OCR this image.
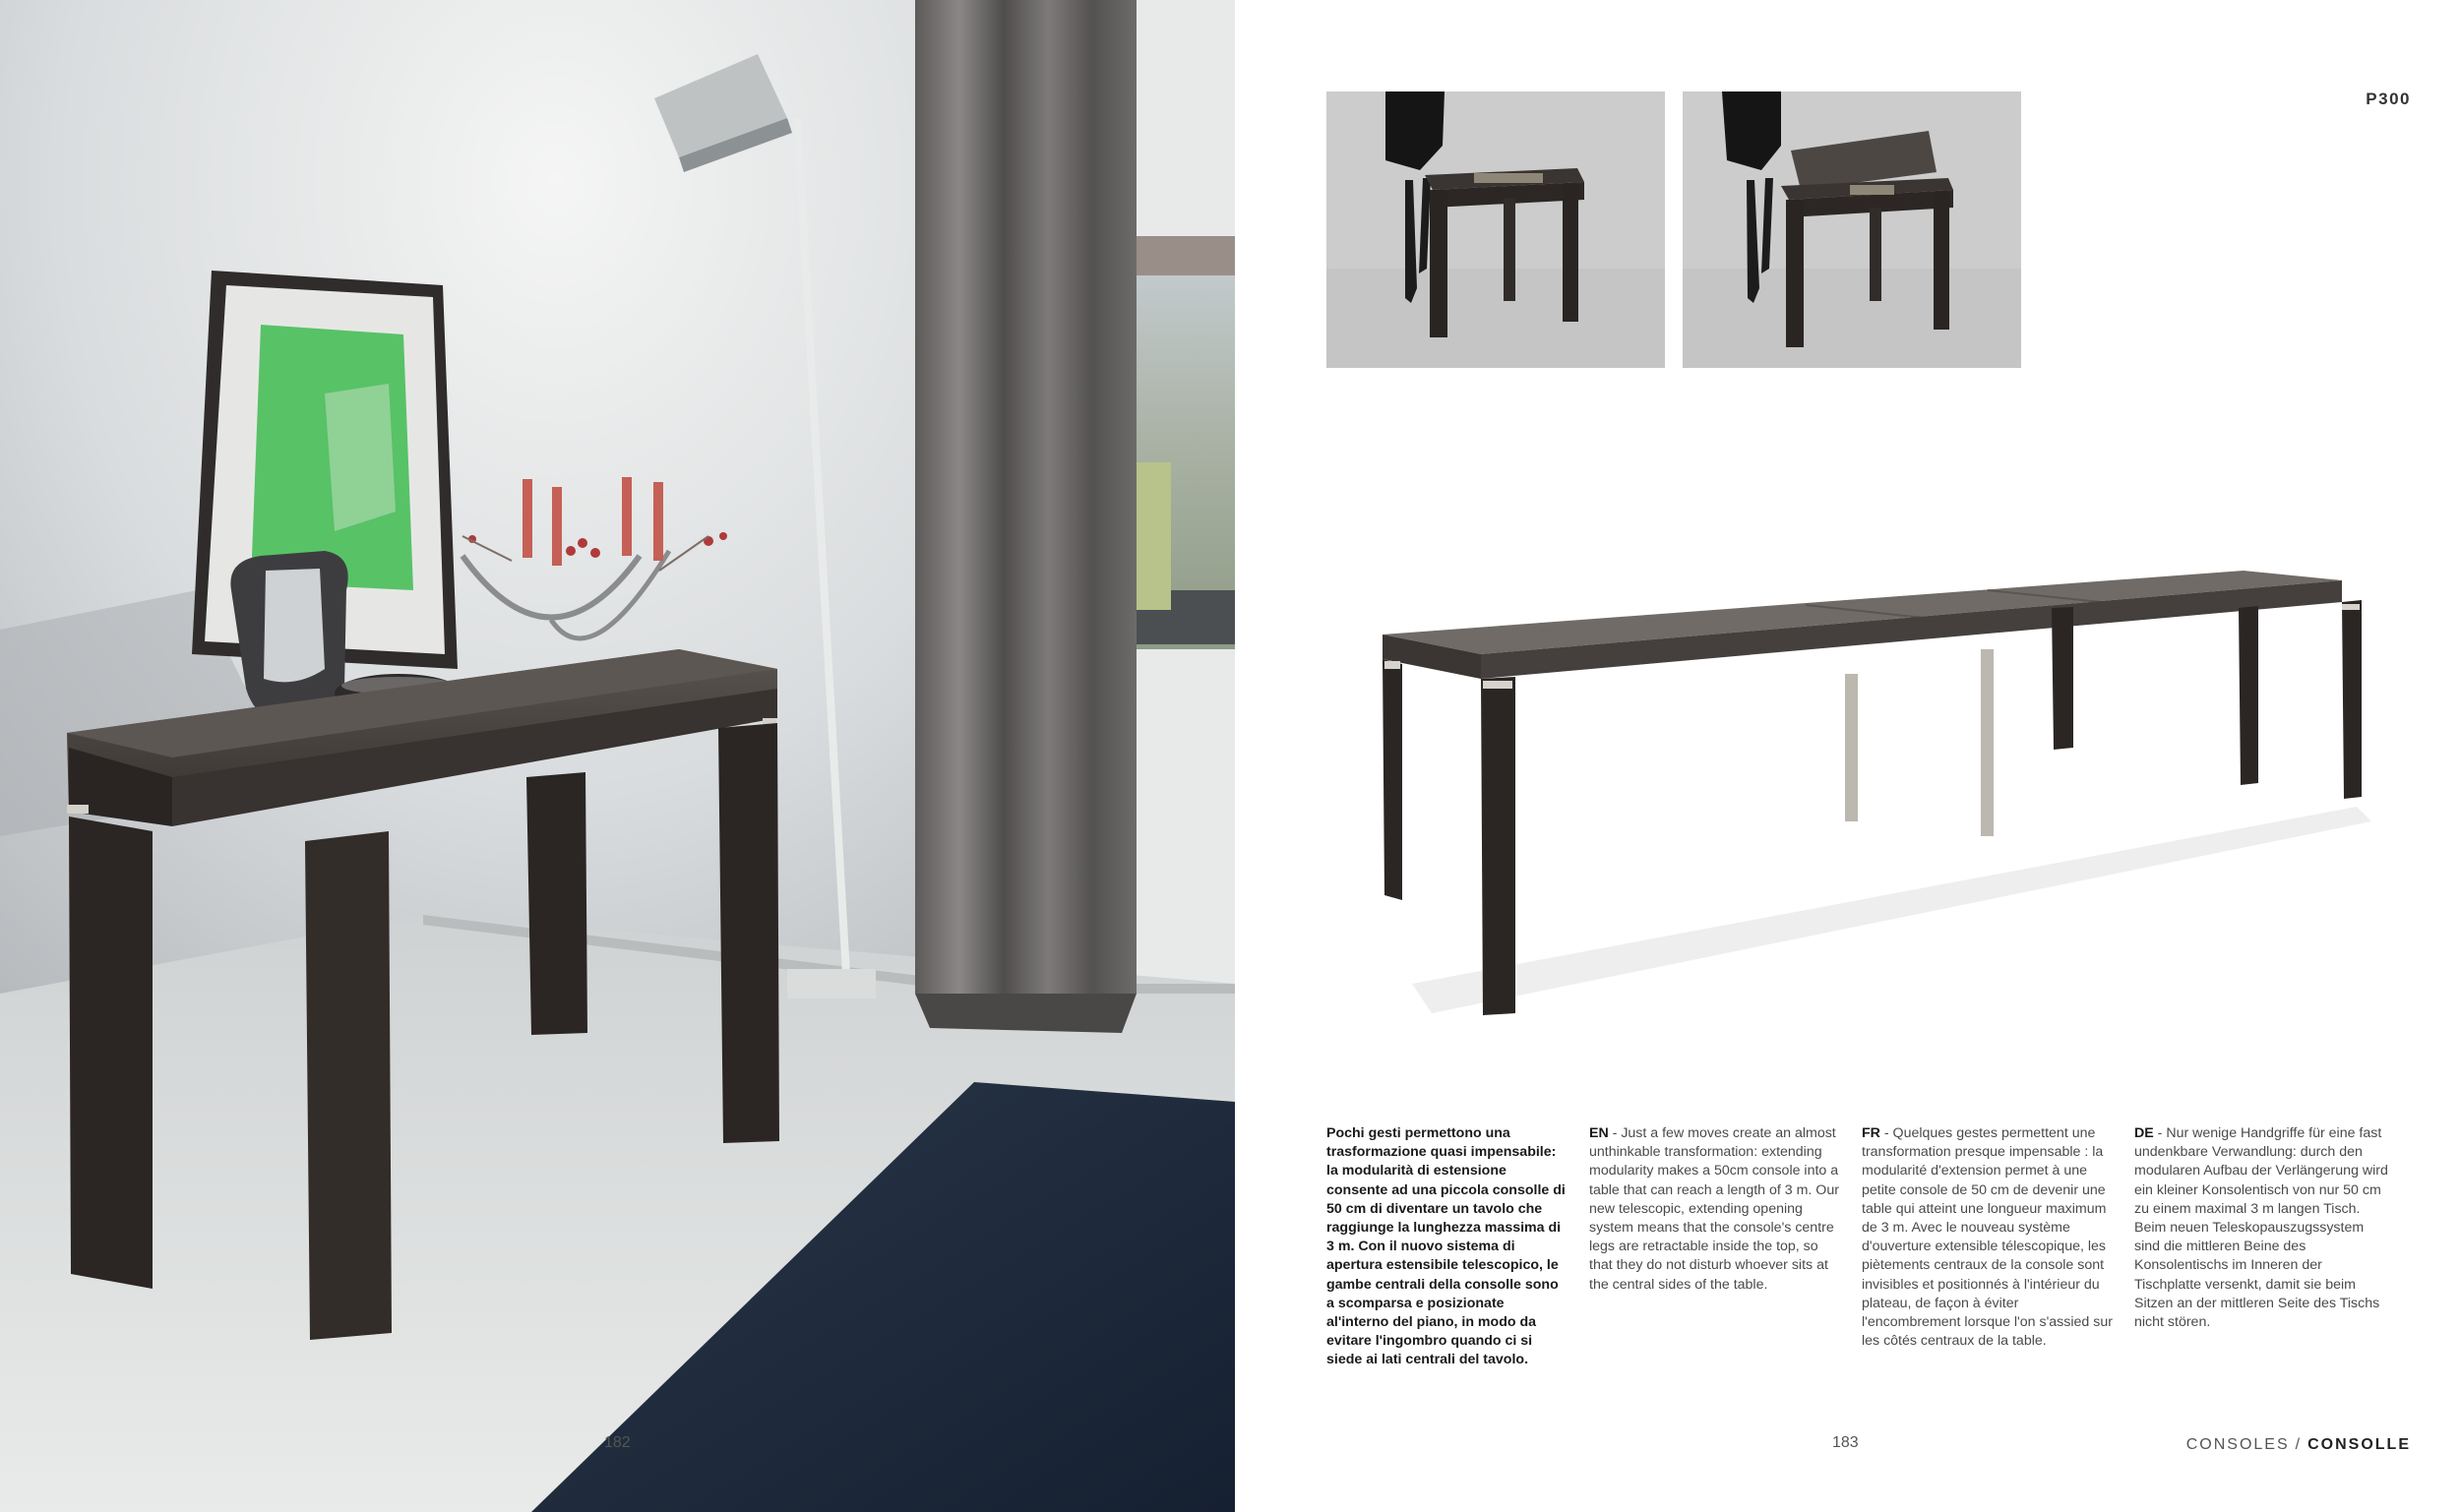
182
P300
Pochi gesti permettono una trasformazione quasi impensabile: la modularità di estensione consente ad una piccola consolle di 50 cm di diventare un tavolo che raggiunge la lunghezza massima di 3 m. Con il nuovo sistema di apertura estensibile telescopico, le gambe centrali della consolle sono a scomparsa e posizionate al'interno del piano, in modo da evitare l'ingombro quando ci si siede ai lati centrali del tavolo.
EN - Just a few moves create an almost unthinkable transformation: extending modularity makes a 50cm console into a table that can reach a length of 3 m. Our new telescopic, extending opening system means that the console's centre legs are retractable inside the top, so that they do not disturb whoever sits at the central sides of the table.
FR - Quelques gestes permettent une transformation presque impensable : la modularité d'extension permet à une petite console de 50 cm de devenir une table qui atteint une longueur maximum de 3 m. Avec le nouveau système d'ouverture extensible télescopique, les piètements centraux de la console sont invisibles et positionnés à l'intérieur du plateau, de façon à éviter l'encombrement lorsque l'on s'assied sur les côtés centraux de la table.
DE - Nur wenige Handgriffe für eine fast undenkbare Verwandlung: durch den modularen Aufbau der Verlängerung wird ein kleiner Konsolentisch von nur 50 cm zu einem maximal 3 m langen Tisch. Beim neuen Teleskopauszugssystem sind die mittleren Beine des Konsolentischs im Inneren der Tischplatte versenkt, damit sie beim Sitzen an der mittleren Seite des Tischs nicht stören.
183	CONSOLES / CONSOLLE
